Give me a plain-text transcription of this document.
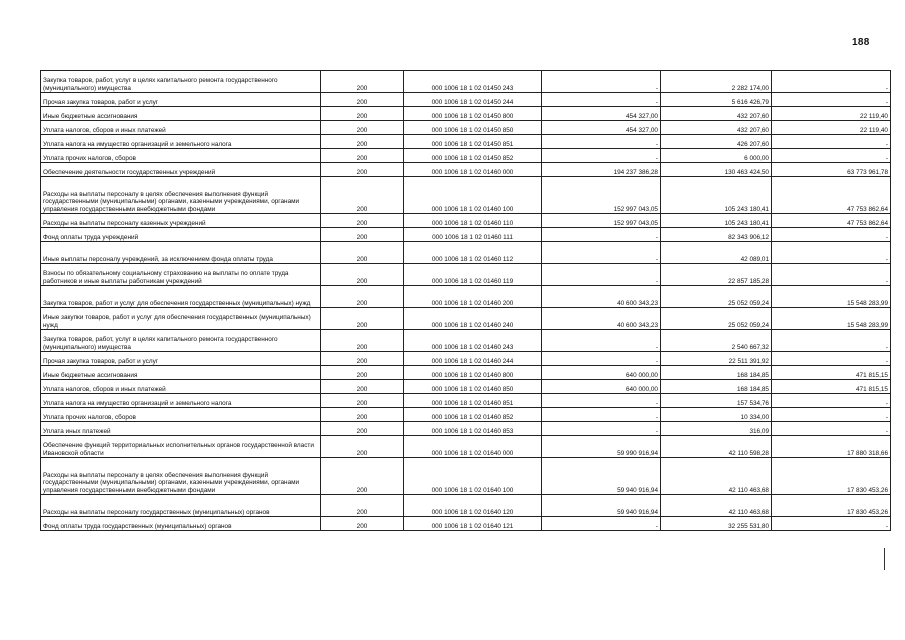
188
Закупка товаров, работ, услуг в целях капитального ремонта государственного (муниципального) имущества	200	000 1006 18 1 02 01450 243	-	2 282 174,00	-
Прочая закупка товаров, работ и услуг	200	000 1006 18 1 02 01450 244	-	5 616 426,79	-
Иные бюджетные ассигнования	200	000 1006 18 1 02 01450 800	454 327,00	432 207,60	22 119,40
Уплата налогов, сборов и иных платежей	200	000 1006 18 1 02 01450 850	454 327,00	432 207,60	22 119,40
Уплата налога на имущество организаций и земельного налога	200	000 1006 18 1 02 01450 851	-	426 207,60	-
Уплата прочих налогов, сборов	200	000 1006 18 1 02 01450 852	-	6 000,00	-
Обеспечение деятельности государственных учреждений	200	000 1006 18 1 02 01460 000	194 237 386,28	130 463 424,50	63 773 961,78
Расходы на выплаты персоналу в целях обеспечения выполнения функций государственными (муниципальными) органами, казенными учреждениями, органами управления государственными внебюджетными фондами	200	000 1006 18 1 02 01460 100	152 997 043,05	105 243 180,41	47 753 862,64
Расходы на выплаты персоналу казенных учреждений	200	000 1006 18 1 02 01460 110	152 997 043,05	105 243 180,41	47 753 862,64
Фонд оплаты труда учреждений	200	000 1006 18 1 02 01460 111	-	82 343 906,12	-
Иные выплаты персоналу учреждений, за исключением фонда оплаты труда	200	000 1006 18 1 02 01460 112	-	42 089,01	-
Взносы по обязательному социальному страхованию на выплаты по оплате труда работников и иные выплаты работникам учреждений	200	000 1006 18 1 02 01460 119	-	22 857 185,28	-
Закупка товаров, работ и услуг для обеспечения государственных (муниципальных) нужд	200	000 1006 18 1 02 01460 200	40 600 343,23	25 052 059,24	15 548 283,99
Иные закупки товаров, работ и услуг для обеспечения государственных (муниципальных) нужд	200	000 1006 18 1 02 01460 240	40 600 343,23	25 052 059,24	15 548 283,99
Закупка товаров, работ, услуг в целях капитального ремонта государственного (муниципального) имущества	200	000 1006 18 1 02 01460 243	-	2 540 667,32	-
Прочая закупка товаров, работ и услуг	200	000 1006 18 1 02 01460 244	-	22 511 391,92	-
Иные бюджетные ассигнования	200	000 1006 18 1 02 01460 800	640 000,00	168 184,85	471 815,15
Уплата налогов, сборов и иных платежей	200	000 1006 18 1 02 01460 850	640 000,00	168 184,85	471 815,15
Уплата налога на имущество организаций и земельного налога	200	000 1006 18 1 02 01460 851	-	157 534,76	-
Уплата прочих налогов, сборов	200	000 1006 18 1 02 01460 852	-	10 334,00	-
Уплата иных платежей	200	000 1006 18 1 02 01460 853	-	316,09	-
Обеспечение функций территориальных исполнительных органов государственной власти Ивановской области	200	000 1006 18 1 02 01640 000	59 990 916,94	42 110 598,28	17 880 318,66
Расходы на выплаты персоналу в целях обеспечения выполнения функций государственными (муниципальными) органами, казенными учреждениями, органами управления государственными внебюджетными фондами	200	000 1006 18 1 02 01640 100	59 940 916,94	42 110 463,68	17 830 453,26
Расходы на выплаты персоналу государственных (муниципальных) органов	200	000 1006 18 1 02 01640 120	59 940 916,94	42 110 463,68	17 830 453,26
Фонд оплаты труда государственных (муниципальных) органов	200	000 1006 18 1 02 01640 121	-	32 255 531,80	-
